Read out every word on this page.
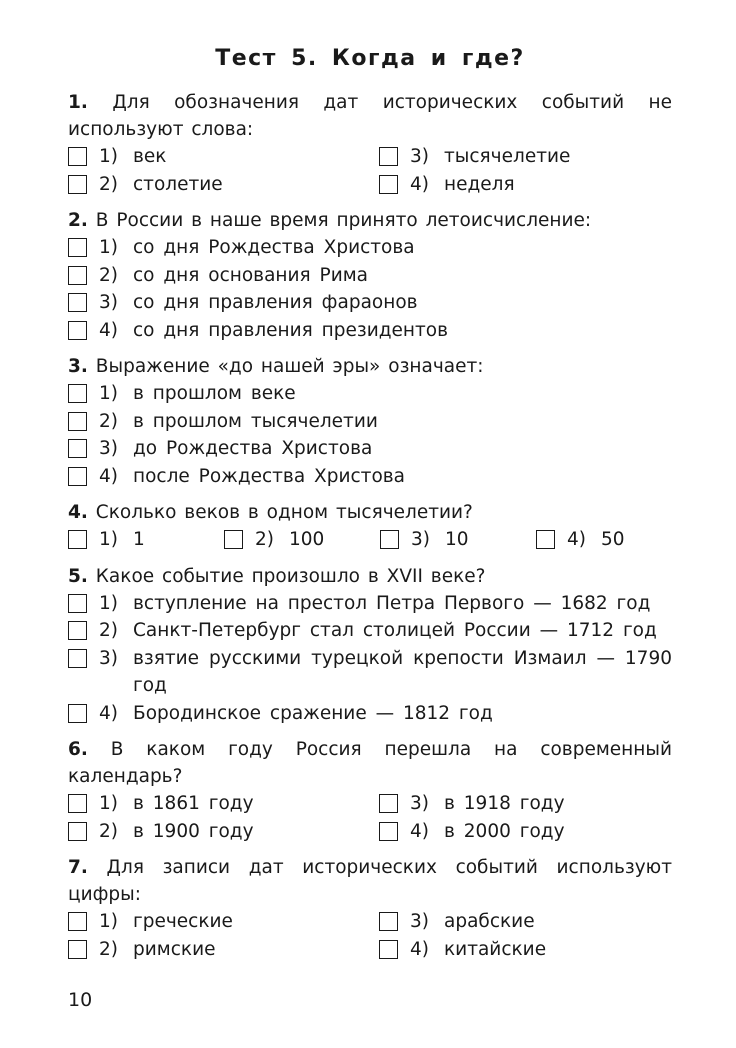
Тест 5. Когда и где?
1. Для обозначения дат исторических событий не используют слова:
1) век	3) тысячелетие
2) столетие	4) неделя
2. В России в наше время принято летоисчисление:
1) со дня Рождества Христова
2) со дня основания Рима
3) со дня правления фараонов
4) со дня правления президентов
3. Выражение «до нашей эры» означает:
1) в прошлом веке
2) в прошлом тысячелетии
3) до Рождества Христова
4) после Рождества Христова
4. Сколько веков в одном тысячелетии?
1) 1	2) 100	3) 10	4) 50
5. Какое событие произошло в XVII веке?
1) вступление на престол Петра Первого — 1682 год
2) Санкт-Петербург стал столицей России — 1712 год
3) взятие русскими турецкой крепости Измаил — 1790 год
4) Бородинское сражение — 1812 год
6. В каком году Россия перешла на современный календарь?
1) в 1861 году	3) в 1918 году
2) в 1900 году	4) в 2000 году
7. Для записи дат исторических событий используют цифры:
1) греческие	3) арабские
2) римские	4) китайские
10
